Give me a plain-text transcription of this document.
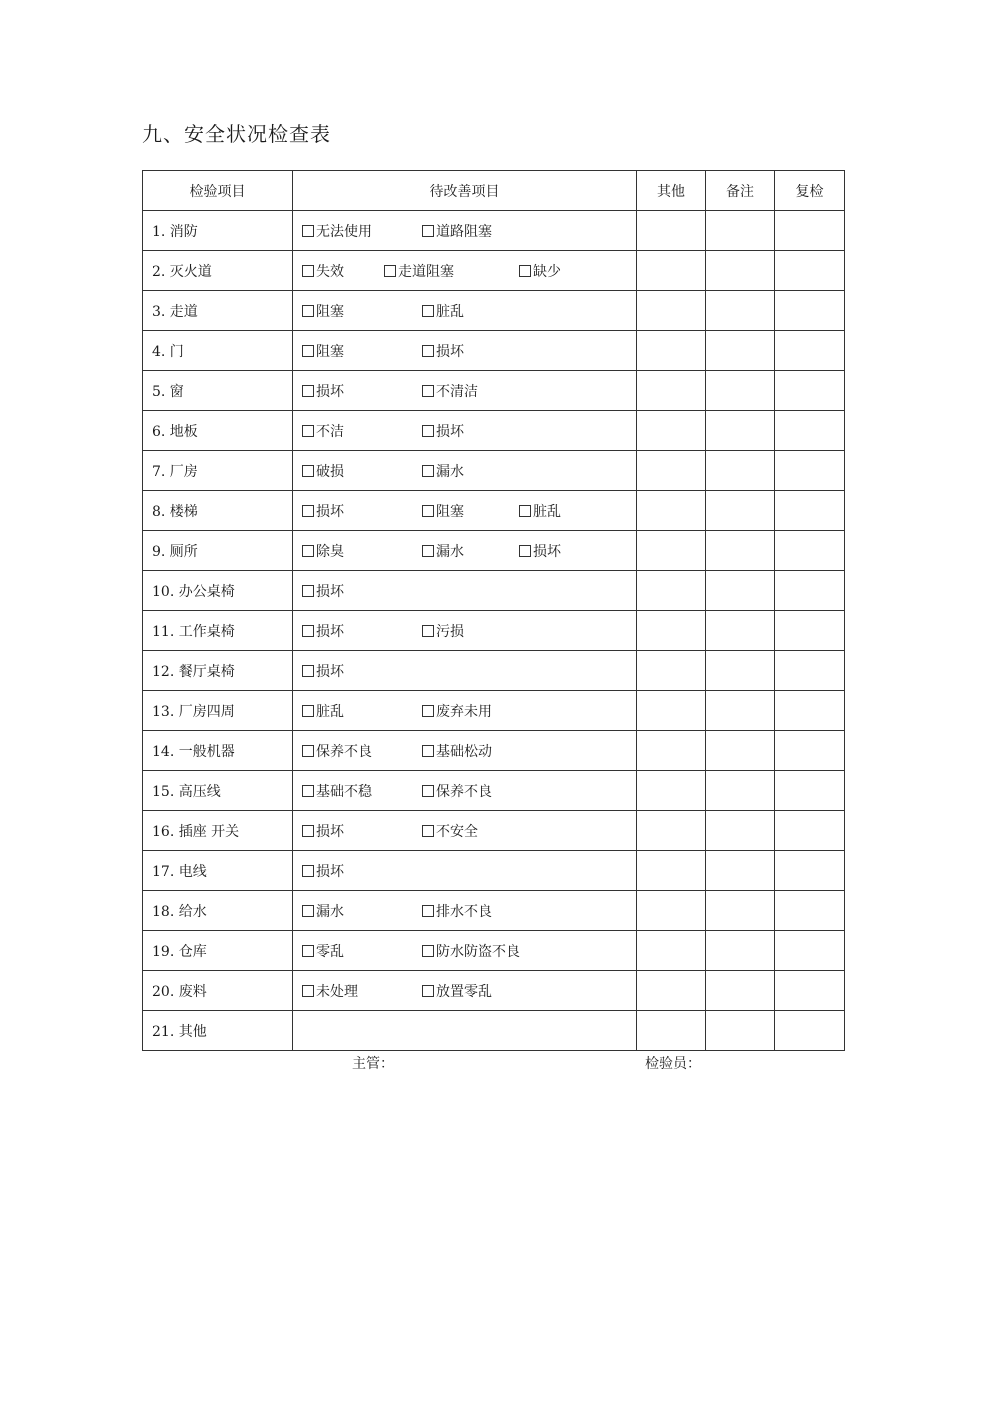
九、安全状况检查表
检验项目	待改善项目	其他	备注	复检
1. 消防	无法使用 道路阻塞			

2. 灭火道	失效 走道阻塞 缺少			

3. 走道	阻塞 脏乱			

4. 门	阻塞 损坏			

5. 窗	损坏 不清洁			

6. 地板	不洁 损坏			

7. 厂房	破损 漏水			

8. 楼梯	损坏 阻塞 脏乱			

9. 厕所	除臭 漏水 损坏			

10. 办公桌椅	损坏			

11. 工作桌椅	损坏 污损			

12. 餐厅桌椅	损坏			

13. 厂房四周	脏乱 废弃未用			

14. 一般机器	保养不良 基础松动			

15. 高压线	基础不稳 保养不良			

16. 插座 开关	损坏 不安全			

17. 电线	损坏			

18. 给水	漏水 排水不良			

19. 仓库	零乱 防水防盗不良			

20. 废料	未处理 放置零乱			

21. 其他				
主管：	检验员：
